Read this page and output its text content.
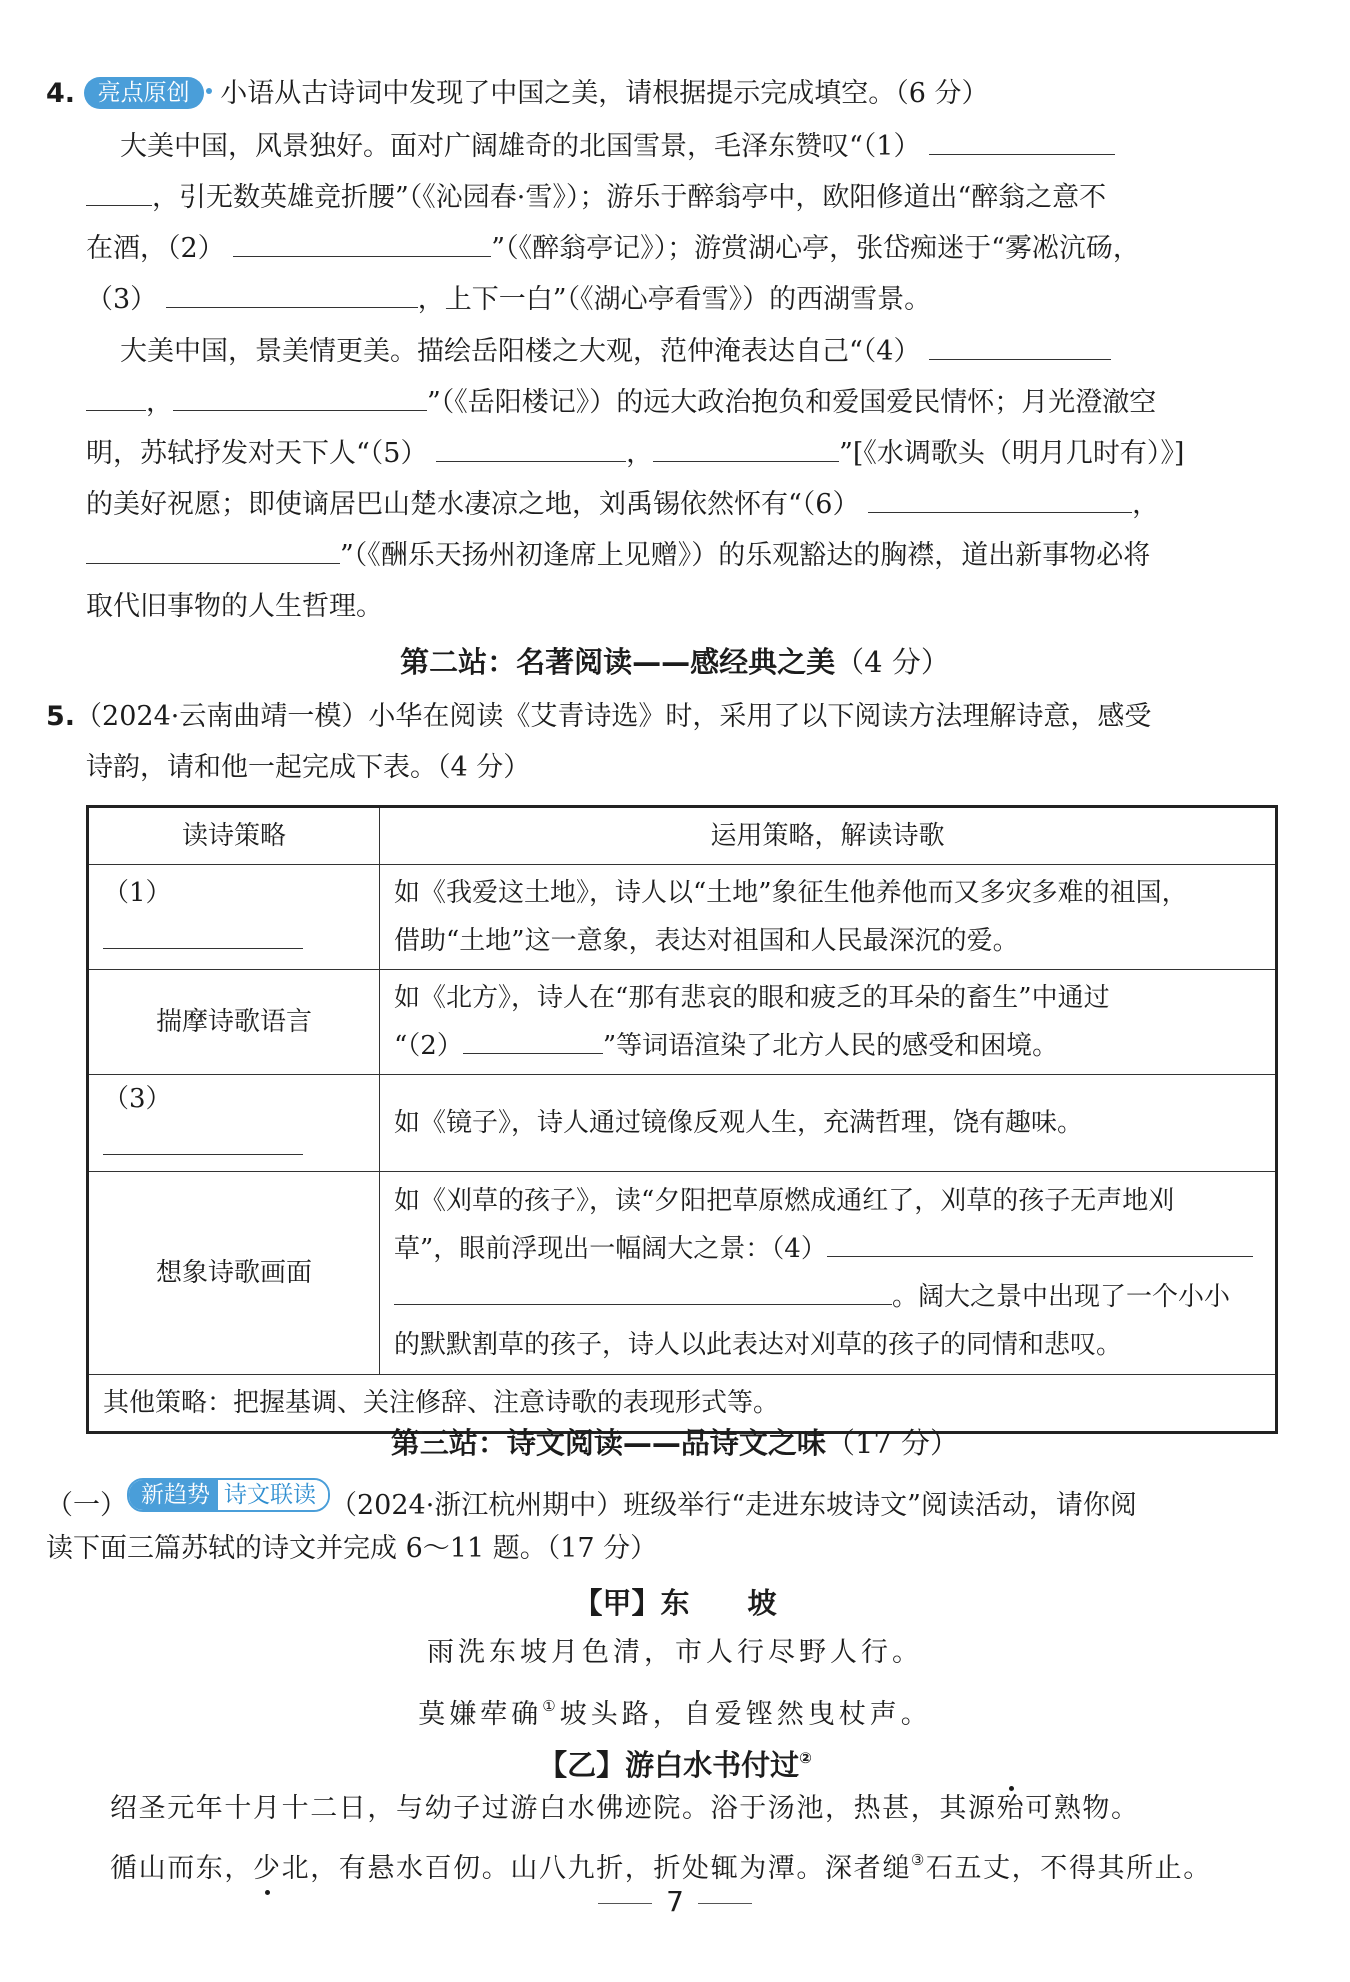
4. 亮点原创 小语从古诗词中发现了中国之美，请根据提示完成填空。（6 分）
大美中国，风景独好。面对广阔雄奇的北国雪景，毛泽东赞叹“（1）
，引无数英雄竞折腰”（《沁园春·雪》）；游乐于醉翁亭中，欧阳修道出“醉翁之意不
在酒，（2）	”（《醉翁亭记》）；游赏湖心亭，张岱痴迷于“雾凇沆砀，
（3）	，上下一白”（《湖心亭看雪》）的西湖雪景。
大美中国，景美情更美。描绘岳阳楼之大观，范仲淹表达自己“（4）
，	”（《岳阳楼记》）的远大政治抱负和爱国爱民情怀；月光澄澈空
明，苏轼抒发对天下人“（5）	，	”[《水调歌头（明月几时有）》]
的美好祝愿；即使谪居巴山楚水凄凉之地，刘禹锡依然怀有“（6）	，
”（《酬乐天扬州初逢席上见赠》）的乐观豁达的胸襟，道出新事物必将
取代旧事物的人生哲理。
第二站：名著阅读——感经典之美（4 分）
5.（2024·云南曲靖一模）小华在阅读《艾青诗选》时，采用了以下阅读方法理解诗意，感受
诗韵，请和他一起完成下表。（4 分）
读诗策略	运用策略，解读诗歌
（1）	如《我爱这土地》，诗人以“土地”象征生他养他而又多灾多难的祖国，
借助“土地”这一意象，表达对祖国和人民最深沉的爱。

揣摩诗歌语言	如《北方》，诗人在“那有悲哀的眼和疲乏的耳朵的畜生”中通过
“（2） ”等词语渲染了北方人民的感受和困境。

（3）	如《镜子》，诗人通过镜像反观人生，充满哲理，饶有趣味。
想象诗歌画面	如《刈草的孩子》，读“夕阳把草原燃成通红了，刈草的孩子无声地刈
草”，眼前浮现出一幅阔大之景：（4）
。阔大之景中出现了一个小小
的默默割草的孩子，诗人以此表达对刈草的孩子的同情和悲叹。

其他策略：把握基调、关注修辞、注意诗歌的表现形式等。	
第三站：诗文阅读——品诗文之味（17 分）
（一） 新趋势 诗文联读 （2024·浙江杭州期中）班级举行“走进东坡诗文”阅读活动，请你阅
读下面三篇苏轼的诗文并完成 6～11 题。（17 分）
【甲】东　　坡
雨洗东坡月色清，市人行尽野人行。
莫嫌荦确①坡头路，自爱铿然曳杖声。
【乙】游白水书付过②
绍圣元年十月十二日，与幼子过游白水佛迹院。浴于汤池，热甚，其源殆可熟物。
循山而东，少北，有悬水百仞。山八九折，折处辄为潭。深者缒③石五丈，不得其所止。
7
